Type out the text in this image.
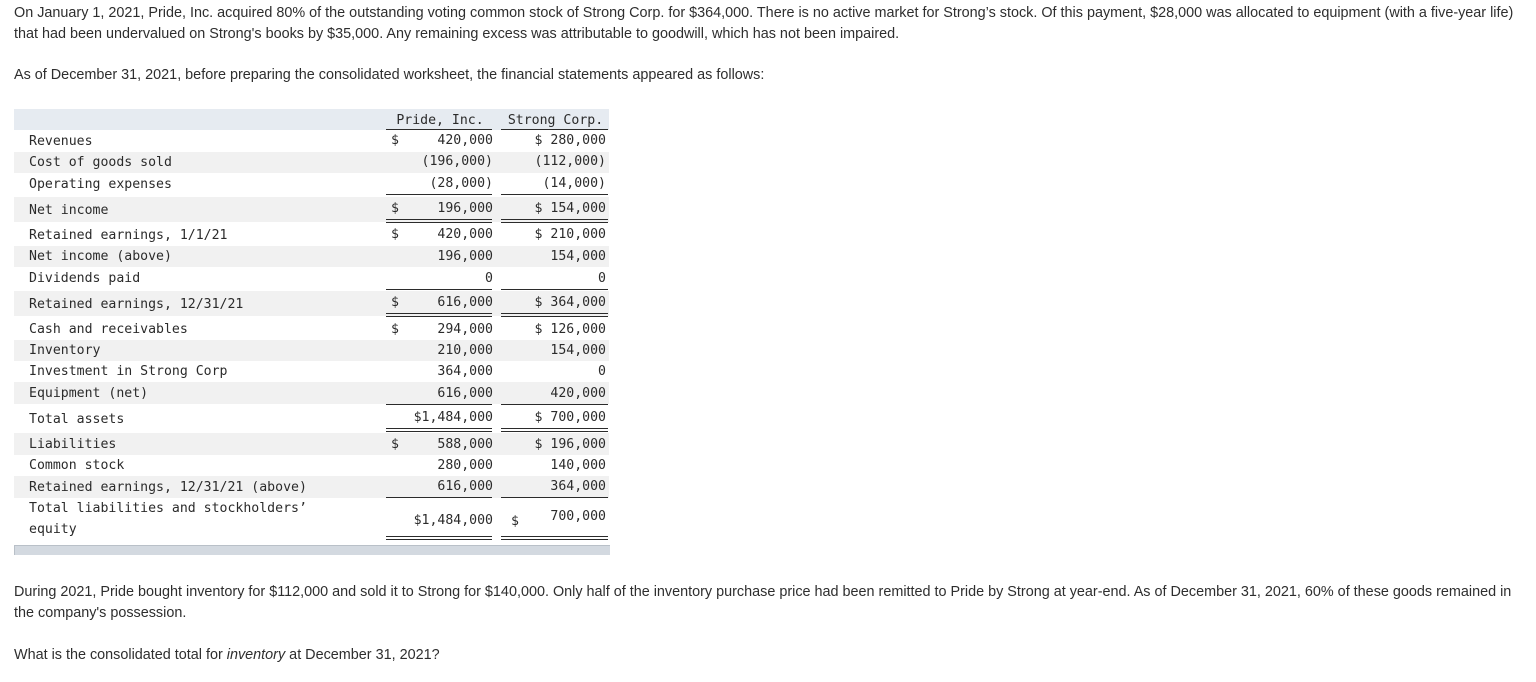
On January 1, 2021, Pride, Inc. acquired 80% of the outstanding voting common stock of Strong Corp. for $364,000. There is no active market for Strong’s stock. Of this payment, $28,000 was allocated to equipment (with a five-year life) that had been undervalued on Strong's books by $35,000. Any remaining excess was attributable to goodwill, which has not been impaired.

As of December 31, 2021, before preparing the consolidated worksheet, the financial statements appeared as follows:

Pride, Inc.	Strong Corp.
Revenues	$	420,000	$ 280,000
Cost of goods sold	(196,000)	(112,000)
Operating expenses	(28,000)	(14,000)
Net income	$	196,000	$ 154,000
Retained earnings, 1/1/21	$	420,000	$ 210,000
Net income (above)	196,000	154,000
Dividends paid	0	0
Retained earnings, 12/31/21	$	616,000	$ 364,000
Cash and receivables	$	294,000	$ 126,000
Inventory	210,000	154,000
Investment in Strong Corp	364,000	0
Equipment (net)	616,000	420,000
Total assets	$1,484,000	$ 700,000
Liabilities	$	588,000	$ 196,000
Common stock	280,000	140,000
Retained earnings, 12/31/21 (above)	616,000	364,000
Total liabilities and stockholders’
equity
$1,484,000 $	700,000

During 2021, Pride bought inventory for $112,000 and sold it to Strong for $140,000. Only half of the inventory purchase price had been remitted to Pride by Strong at year-end. As of December 31, 2021, 60% of these goods remained in the company's possession.

What is the consolidated total for inventory at December 31, 2021?
